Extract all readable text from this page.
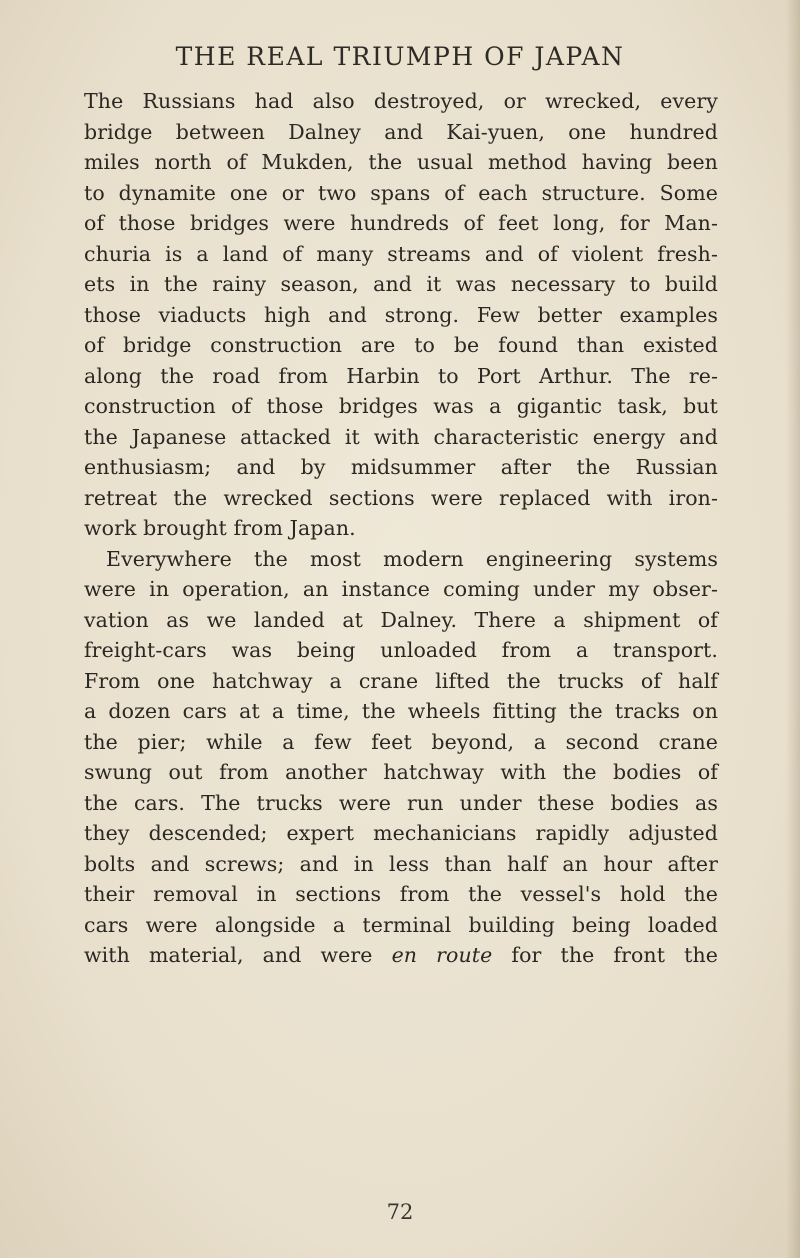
THE REAL TRIUMPH OF JAPAN
The Russians had also destroyed, or wrecked, every
bridge between Dalney and Kai-yuen, one hundred
miles north of Mukden, the usual method having been
to dynamite one or two spans of each structure. Some
of those bridges were hundreds of feet long, for Man-
churia is a land of many streams and of violent fresh-
ets in the rainy season, and it was necessary to build
those viaducts high and strong. Few better examples
of bridge construction are to be found than existed
along the road from Harbin to Port Arthur. The re-
construction of those bridges was a gigantic task, but
the Japanese attacked it with characteristic energy and
enthusiasm; and by midsummer after the Russian
retreat the wrecked sections were replaced with iron-
work brought from Japan.
Everywhere the most modern engineering systems
were in operation, an instance coming under my obser-
vation as we landed at Dalney. There a shipment of
freight-cars was being unloaded from a transport.
From one hatchway a crane lifted the trucks of half
a dozen cars at a time, the wheels fitting the tracks on
the pier; while a few feet beyond, a second crane
swung out from another hatchway with the bodies of
the cars. The trucks were run under these bodies as
they descended; expert mechanicians rapidly adjusted
bolts and screws; and in less than half an hour after
their removal in sections from the vessel's hold the
cars were alongside a terminal building being loaded
with material, and were en route for the front the
72
